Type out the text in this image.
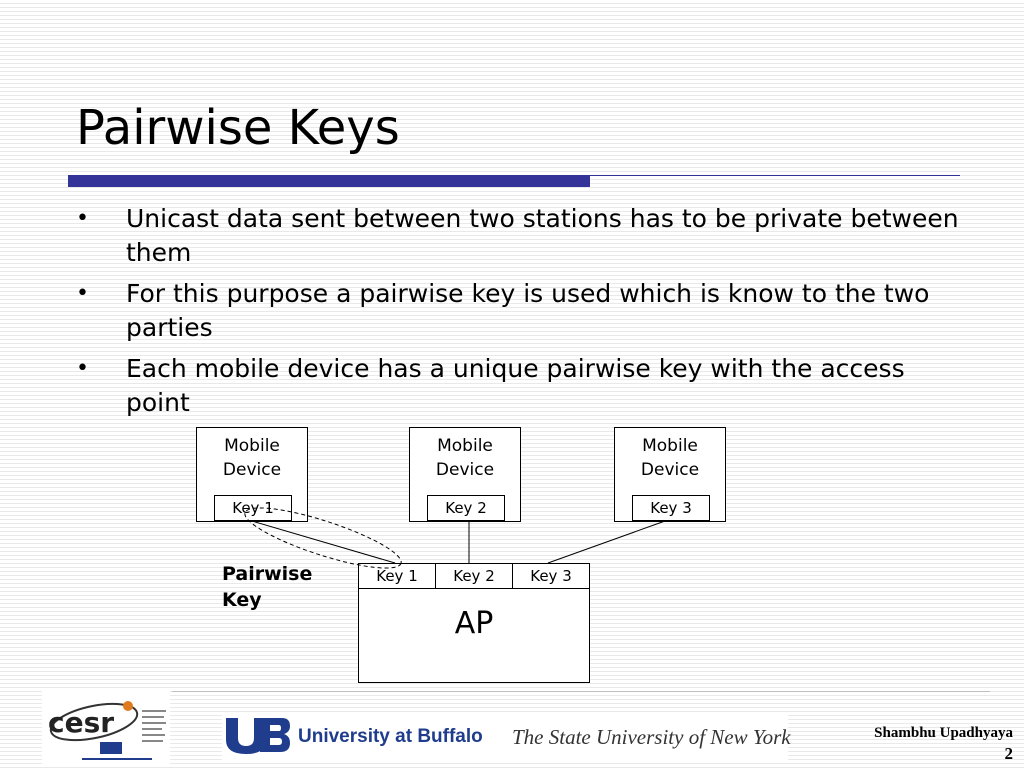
Pairwise Keys
• Unicast data sent between two stations has to be private between them
• For this purpose a pairwise key is used which is know to the two parties
• Each mobile device has a unique pairwise key with the access point
Mobile Device
Key 1
Mobile Device
Key 2
Mobile Device
Key 3
Key 1	Key 2	Key 3
AP
Pairwise Key
cesr	University at Buffalo The State University of New York	Shambhu Upadhyaya
2
